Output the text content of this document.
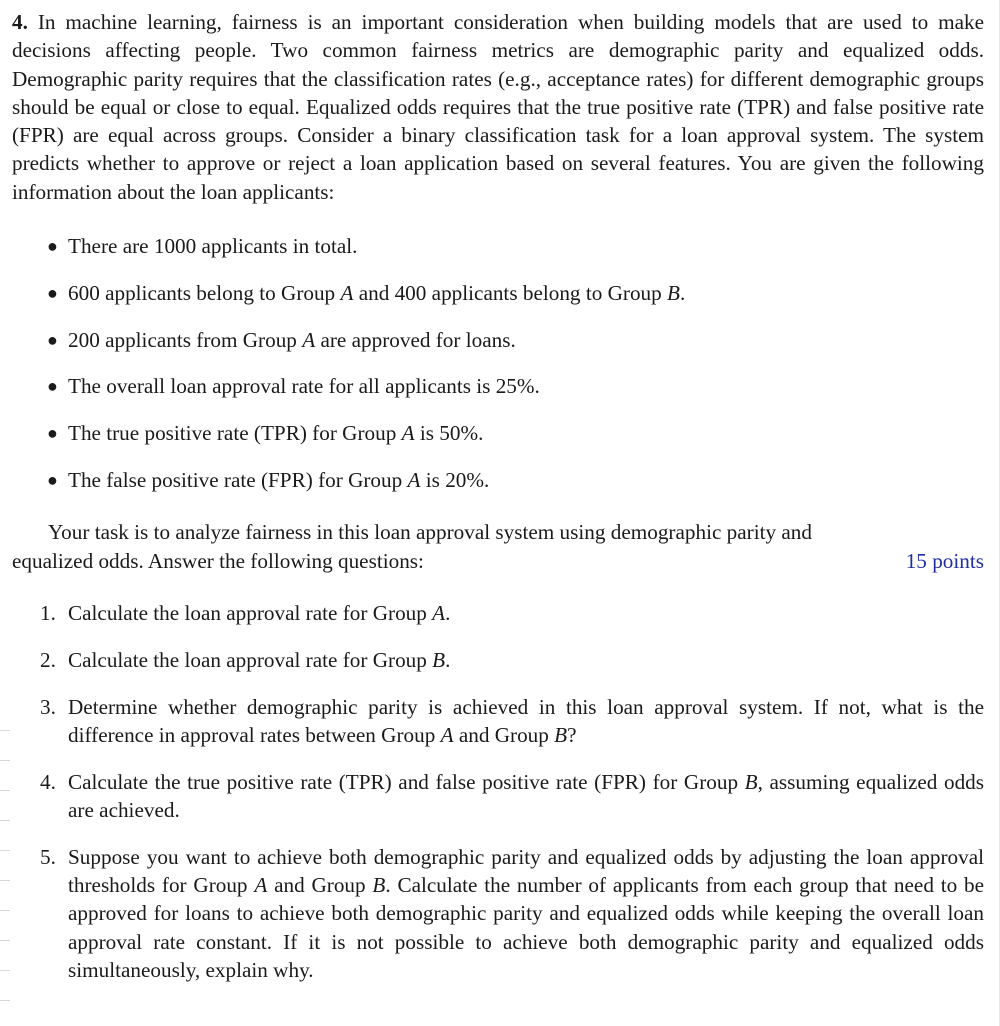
4. In machine learning, fairness is an important consideration when building models that are used to make decisions affecting people. Two common fairness metrics are demographic parity and equalized odds. Demographic parity requires that the classification rates (e.g., acceptance rates) for different demographic groups should be equal or close to equal. Equalized odds requires that the true positive rate (TPR) and false positive rate (FPR) are equal across groups. Consider a binary classification task for a loan approval system. The system predicts whether to approve or reject a loan application based on several features. You are given the following information about the loan applicants:

● There are 1000 applicants in total.
● 600 applicants belong to Group A and 400 applicants belong to Group B.
● 200 applicants from Group A are approved for loans.
● The overall loan approval rate for all applicants is 25%.
● The true positive rate (TPR) for Group A is 50%.
● The false positive rate (FPR) for Group A is 20%.
Your task is to analyze fairness in this loan approval system using demographic parity and
equalized odds. Answer the following questions:	15 points
1. Calculate the loan approval rate for Group A.
2. Calculate the loan approval rate for Group B.
3. Determine whether demographic parity is achieved in this loan approval system. If not, what is the difference in approval rates between Group A and Group B?
4. Calculate the true positive rate (TPR) and false positive rate (FPR) for Group B, assuming equalized odds are achieved.
5. Suppose you want to achieve both demographic parity and equalized odds by adjusting the loan approval thresholds for Group A and Group B. Calculate the number of applicants from each group that need to be approved for loans to achieve both demographic parity and equalized odds while keeping the overall loan approval rate constant. If it is not possible to achieve both demographic parity and equalized odds simultaneously, explain why.
